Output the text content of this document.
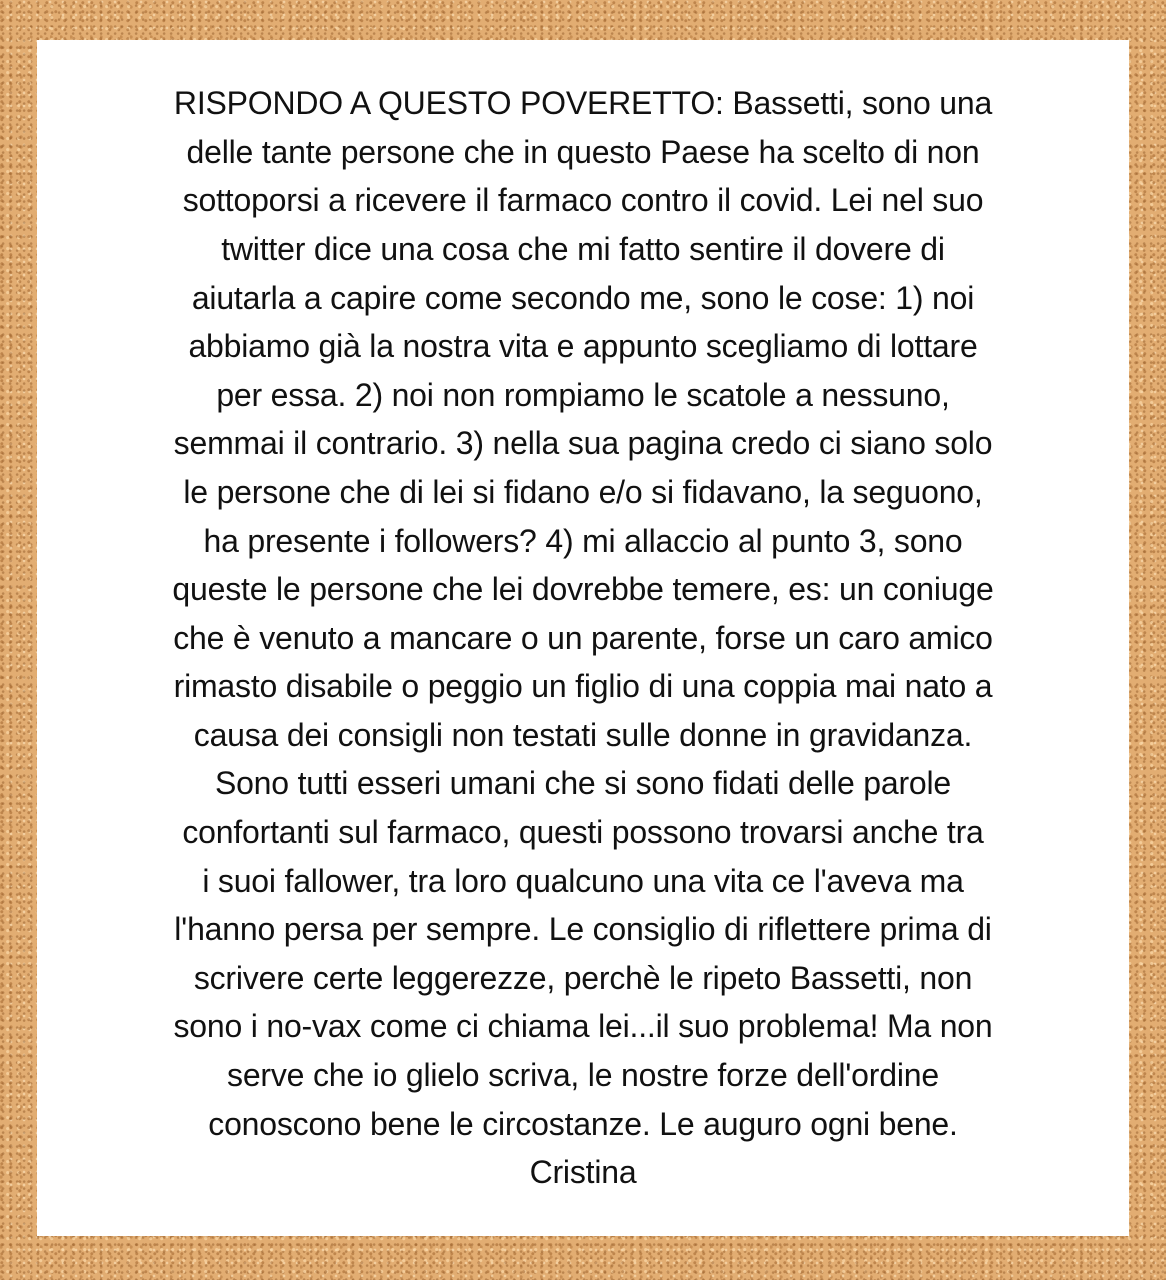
RISPONDO A QUESTO POVERETTO: Bassetti, sono una
delle tante persone che in questo Paese ha scelto di non
sottoporsi a ricevere il farmaco contro il covid. Lei nel suo
twitter dice una cosa che mi fatto sentire il dovere di
aiutarla a capire come secondo me, sono le cose: 1) noi
abbiamo già la nostra vita e appunto scegliamo di lottare
per essa. 2) noi non rompiamo le scatole a nessuno,
semmai il contrario. 3) nella sua pagina credo ci siano solo
le persone che di lei si fidano e/o si fidavano, la seguono,
ha presente i followers? 4) mi allaccio al punto 3, sono
queste le persone che lei dovrebbe temere, es: un coniuge
che è venuto a mancare o un parente, forse un caro amico
rimasto disabile o peggio un figlio di una coppia mai nato a
causa dei consigli non testati sulle donne in gravidanza.
Sono tutti esseri umani che si sono fidati delle parole
confortanti sul farmaco, questi possono trovarsi anche tra
i suoi fallower, tra loro qualcuno una vita ce l'aveva ma
l'hanno persa per sempre. Le consiglio di riflettere prima di
scrivere certe leggerezze, perchè le ripeto Bassetti, non
sono i no-vax come ci chiama lei...il suo problema! Ma non
serve che io glielo scriva, le nostre forze dell'ordine
conoscono bene le circostanze. Le auguro ogni bene.
Cristina
